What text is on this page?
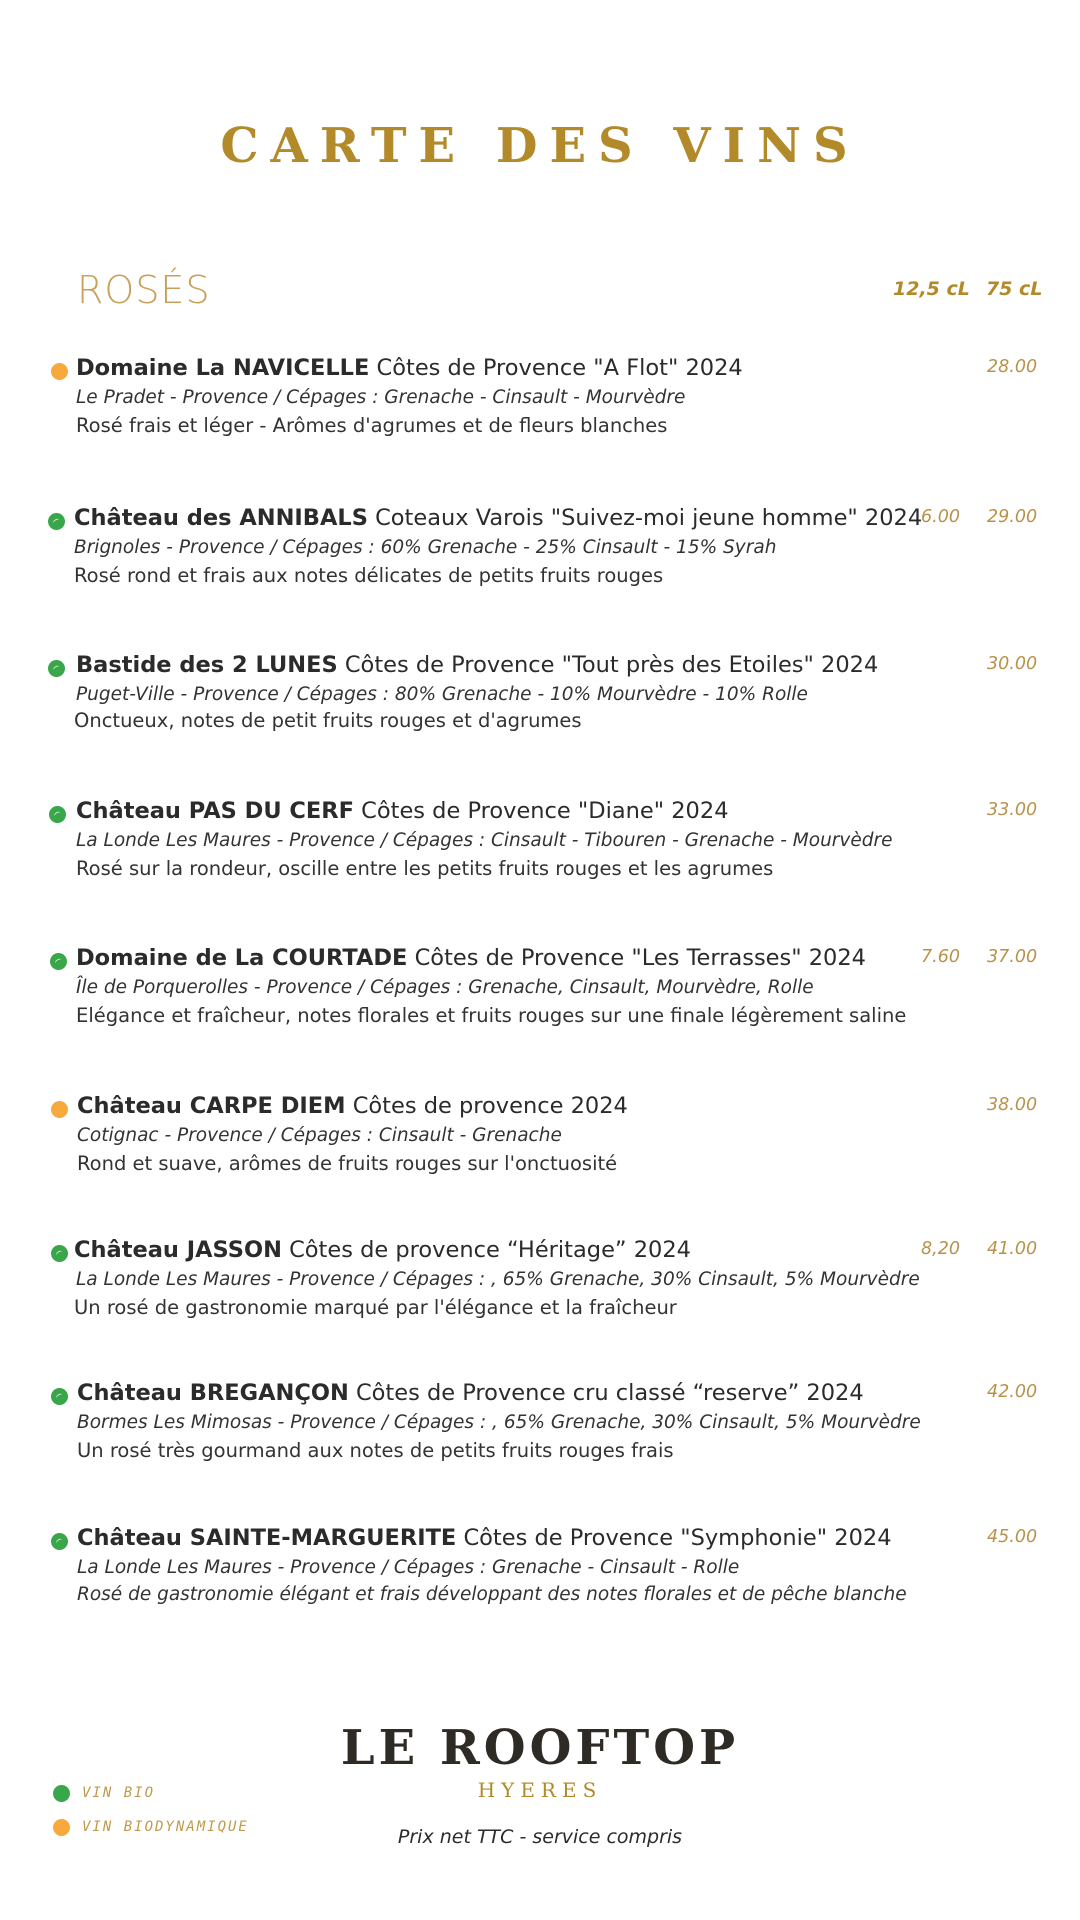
CARTE DES VINS
ROSÉS	12,5 cL 75 cL
Domaine La NAVICELLE Côtes de Provence "A Flot" 2024
Le Pradet - Provence / Cépages : Grenache - Cinsault - Mourvèdre
Rosé frais et léger - Arômes d'agrumes et de fleurs blanches
28.00
Château des ANNIBALS Coteaux Varois "Suivez-moi jeune homme" 2024
Brignoles - Provence / Cépages : 60% Grenache - 25% Cinsault - 15% Syrah
Rosé rond et frais aux notes délicates de petits fruits rouges
6.00 29.00
Bastide des 2 LUNES Côtes de Provence "Tout près des Etoiles" 2024
Puget-Ville - Provence / Cépages : 80% Grenache - 10% Mourvèdre - 10% Rolle
Onctueux, notes de petit fruits rouges et d'agrumes
30.00
Château PAS DU CERF Côtes de Provence "Diane" 2024
La Londe Les Maures - Provence / Cépages : Cinsault - Tibouren - Grenache - Mourvèdre
Rosé sur la rondeur, oscille entre les petits fruits rouges et les agrumes
33.00
Domaine de La COURTADE Côtes de Provence "Les Terrasses" 2024
Île de Porquerolles - Provence / Cépages : Grenache, Cinsault, Mourvèdre, Rolle
Elégance et fraîcheur, notes florales et fruits rouges sur une finale légèrement saline
7.60 37.00
Château CARPE DIEM Côtes de provence 2024
Cotignac - Provence / Cépages : Cinsault - Grenache
Rond et suave, arômes de fruits rouges sur l'onctuosité
38.00
Château JASSON Côtes de provence “Héritage” 2024
La Londe Les Maures - Provence / Cépages : , 65% Grenache, 30% Cinsault, 5% Mourvèdre
Un rosé de gastronomie marqué par l'élégance et la fraîcheur
8,20 41.00
Château BREGANÇON Côtes de Provence cru classé “reserve” 2024
Bormes Les Mimosas - Provence / Cépages : , 65% Grenache, 30% Cinsault, 5% Mourvèdre
Un rosé très gourmand aux notes de petits fruits rouges frais
42.00
Château SAINTE-MARGUERITE Côtes de Provence "Symphonie" 2024
La Londe Les Maures - Provence / Cépages : Grenache - Cinsault - Rolle
Rosé de gastronomie élégant et frais développant des notes florales et de pêche blanche
45.00
LE ROOFTOP
HYERES
Prix net TTC - service compris
VIN BIO
VIN BIODYNAMIQUE
